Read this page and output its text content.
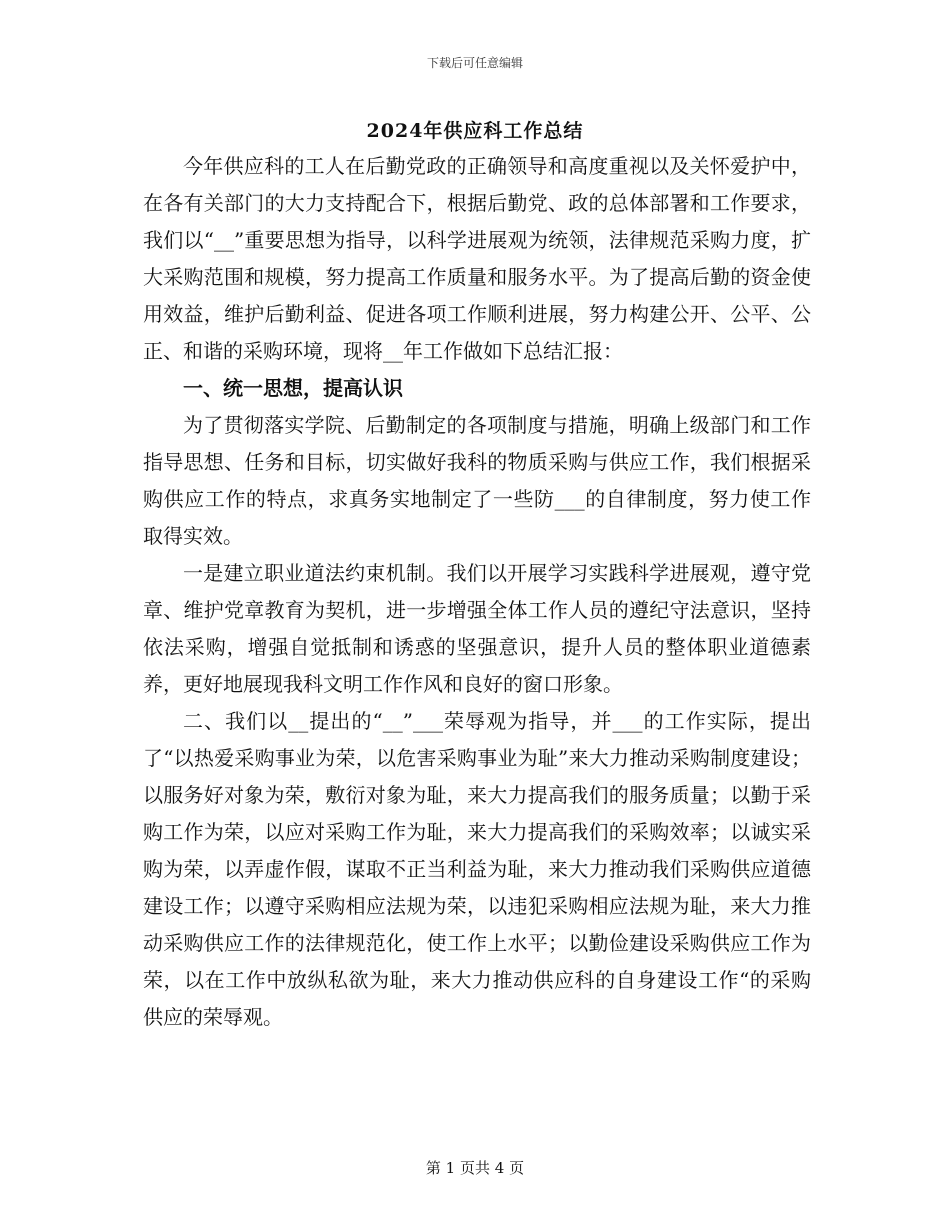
下载后可任意编辑
2024年供应科工作总结

今年供应科的工人在后勤党政的正确领导和高度重视以及关怀爱护中，在各有关部门的大力支持配合下，根据后勤党、政的总体部署和工作要求，我们以“__”重要思想为指导，以科学进展观为统领，法律规范采购力度，扩大采购范围和规模，努力提高工作质量和服务水平。为了提高后勤的资金使用效益，维护后勤利益、促进各项工作顺利进展，努力构建公开、公平、公正、和谐的采购环境，现将__年工作做如下总结汇报：

一、统一思想，提高认识

为了贯彻落实学院、后勤制定的各项制度与措施，明确上级部门和工作指导思想、任务和目标，切实做好我科的物质采购与供应工作，我们根据采购供应工作的特点，求真务实地制定了一些防___的自律制度，努力使工作取得实效。

一是建立职业道法约束机制。我们以开展学习实践科学进展观，遵守党章、维护党章教育为契机，进一步增强全体工作人员的遵纪守法意识，坚持依法采购，增强自觉抵制和诱惑的坚强意识，提升人员的整体职业道德素养，更好地展现我科文明工作作风和良好的窗口形象。

二、我们以__提出的“__”___荣辱观为指导，并___的工作实际，提出了“以热爱采购事业为荣，以危害采购事业为耻”来大力推动采购制度建设；以服务好对象为荣，敷衍对象为耻，来大力提高我们的服务质量；以勤于采购工作为荣，以应对采购工作为耻，来大力提高我们的采购效率；以诚实采购为荣，以弄虚作假，谋取不正当利益为耻，来大力推动我们采购供应道德建设工作；以遵守采购相应法规为荣，以违犯采购相应法规为耻，来大力推动采购供应工作的法律规范化，使工作上水平；以勤俭建设采购供应工作为荣，以在工作中放纵私欲为耻，来大力推动供应科的自身建设工作“的采购供应的荣辱观。

第 1 页共 4 页
